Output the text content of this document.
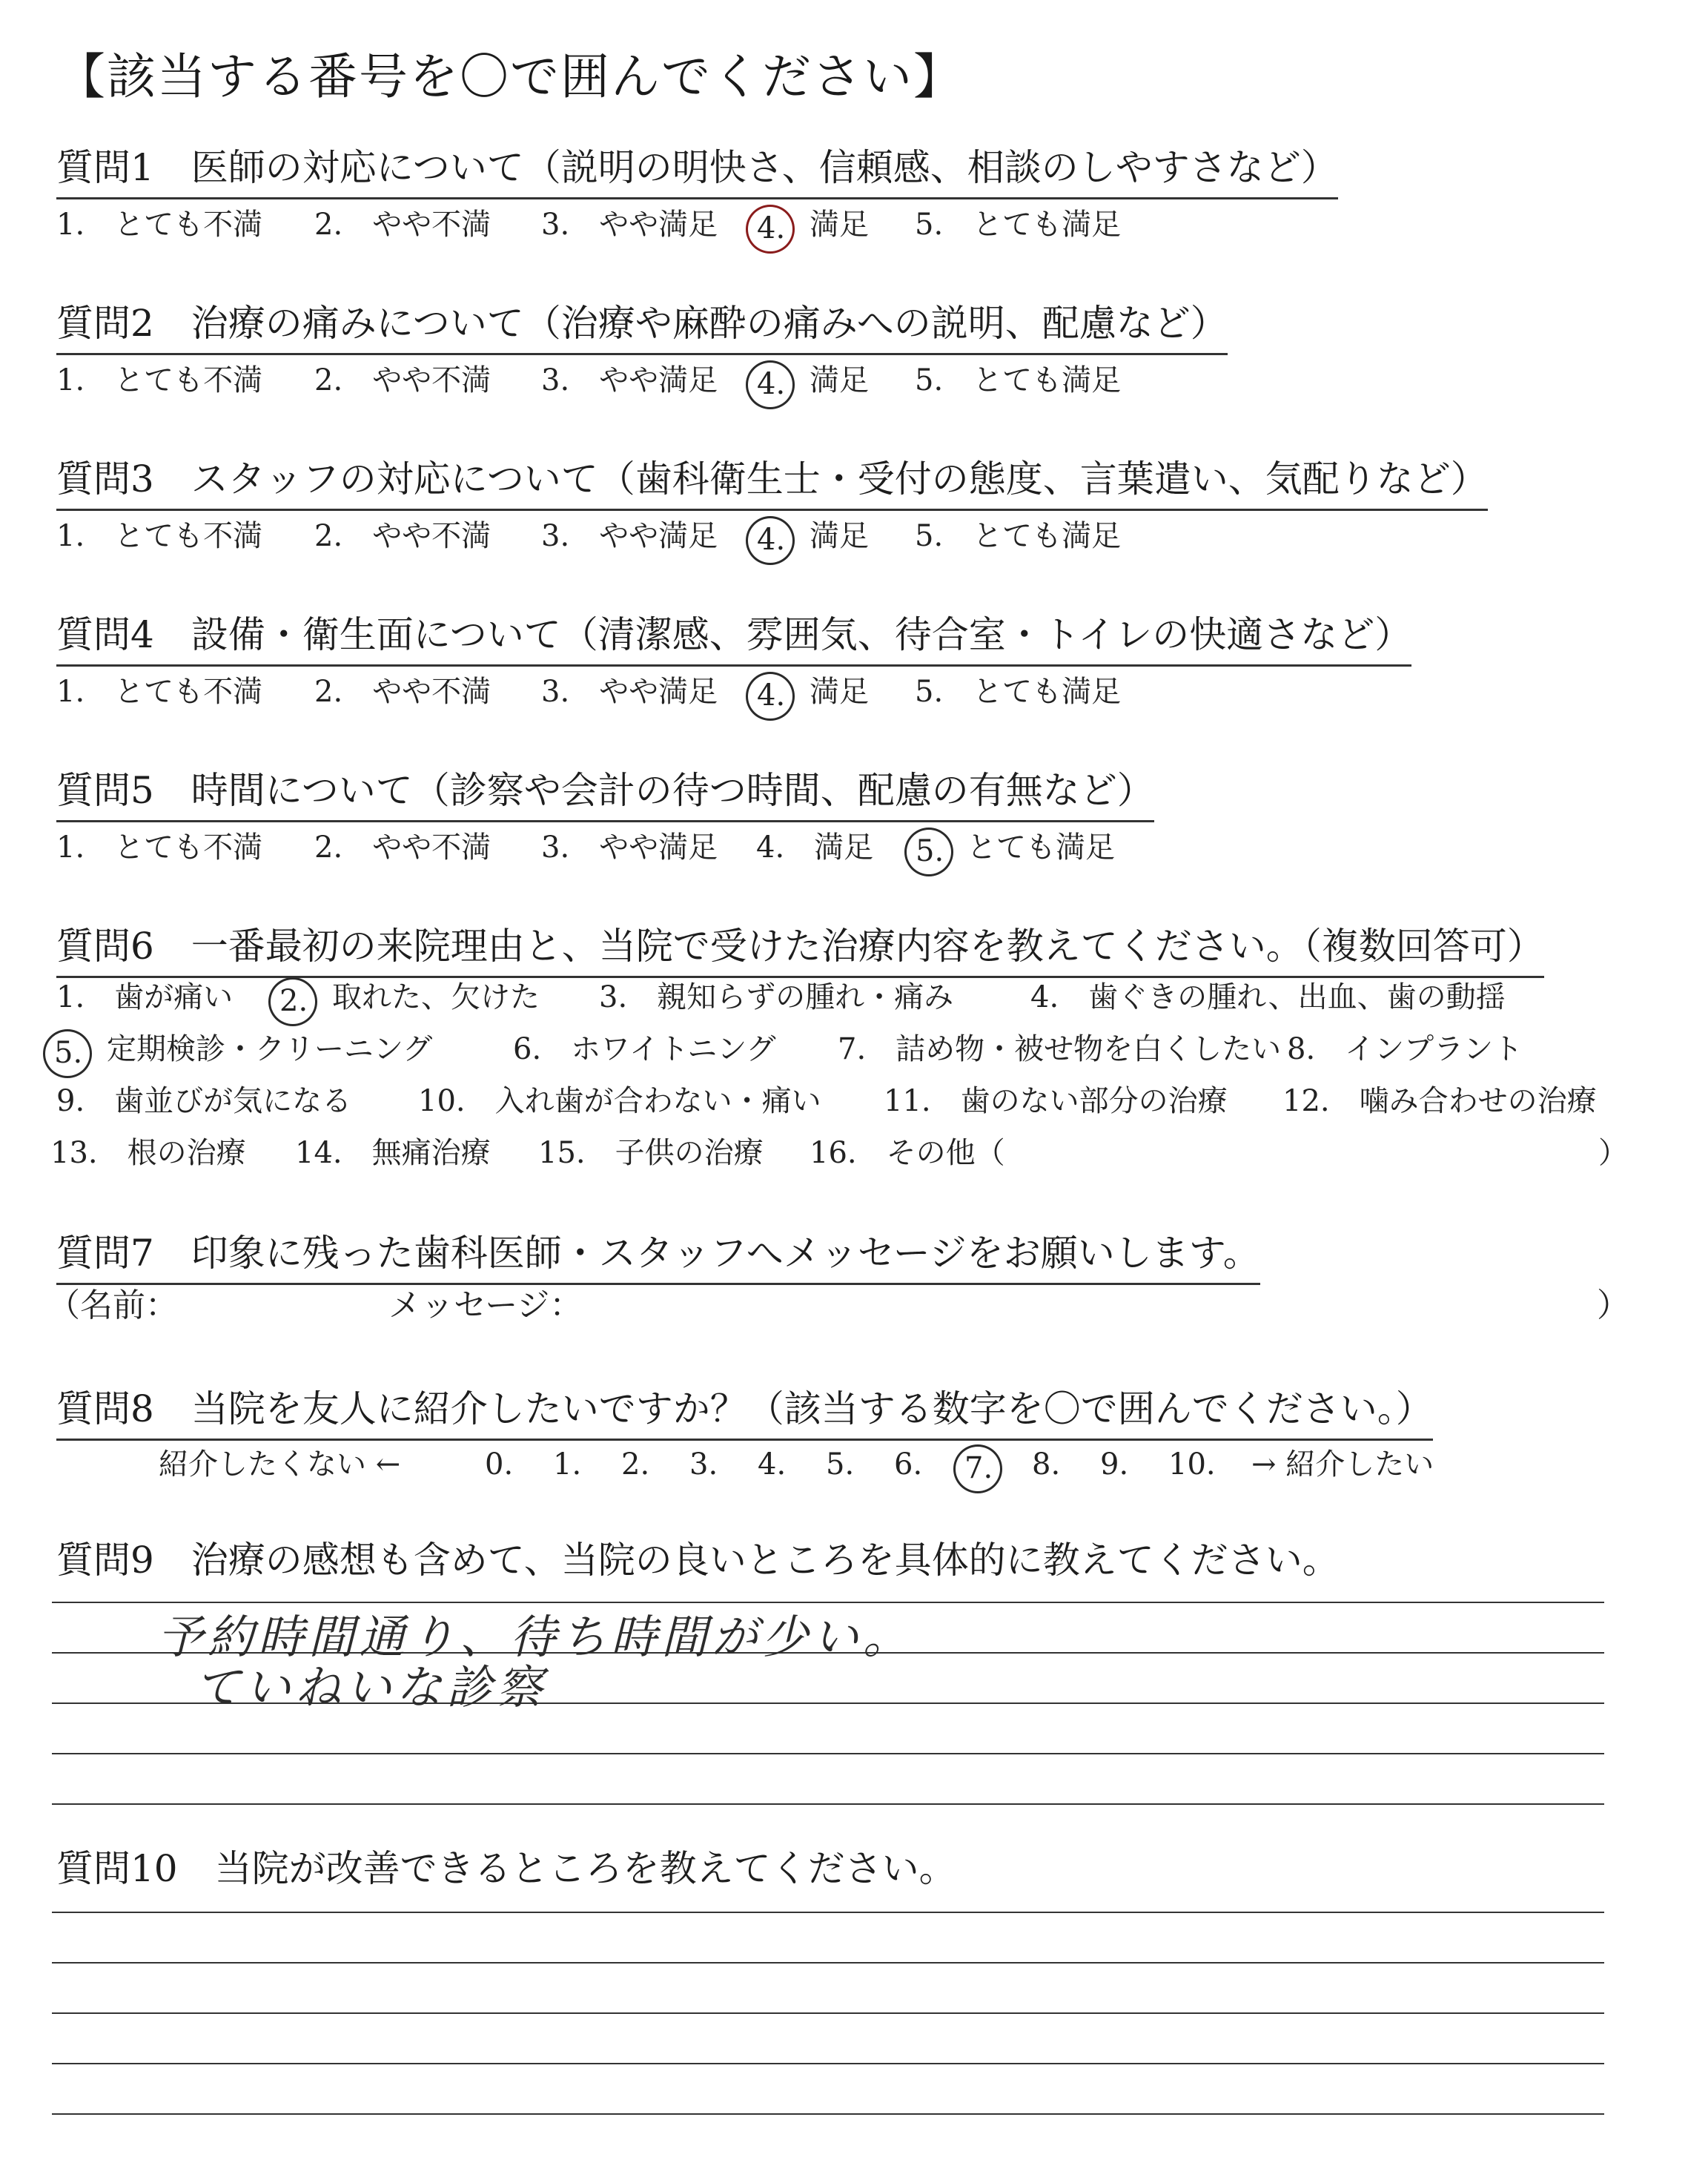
【該当する番号を〇で囲んでください】
質問1　医師の対応について（説明の明快さ、信頼感、相談のしやすさなど）
1.　とても不満 2.　やや不満 3.　やや満足	4. 満足 5.　とても満足
質問2　治療の痛みについて（治療や麻酔の痛みへの説明、配慮など）
1.　とても不満 2.　やや不満 3.　やや満足	4. 満足 5.　とても満足
質問3　スタッフの対応について（歯科衛生士・受付の態度、言葉遣い、気配りなど）
1.　とても不満 2.　やや不満 3.　やや満足	4. 満足 5.　とても満足
質問4　設備・衛生面について（清潔感、雰囲気、待合室・トイレの快適さなど）
1.　とても不満 2.　やや不満 3.　やや満足	4. 満足 5.　とても満足
質問5　時間について（診察や会計の待つ時間、配慮の有無など）
1.　とても不満 2.　やや不満 3.　やや満足 4.　満足	5. とても満足
質問6　一番最初の来院理由と、当院で受けた治療内容を教えてください。（複数回答可）
1.　歯が痛い	2. 取れた、欠けた 3.　親知らずの腫れ・痛み	4.　歯ぐきの腫れ、出血、歯の動揺
5. 定期検診・クリーニング	6.　ホワイトニング 7.　詰め物・被せ物を白くしたい 8.　インプラント
9.　歯並びが気になる 10.　入れ歯が合わない・痛い 11.　歯のない部分の治療 12.　噛み合わせの治療
13.　根の治療 14.　無痛治療 15.　子供の治療 16.　その他（	）
質問7　印象に残った歯科医師・スタッフへメッセージをお願いします。
（名前：	メッセージ：	）
質問8　当院を友人に紹介したいですか？（該当する数字を〇で囲んでください。）
紹介したくない ←	0. 1. 2. 3. 4. 5. 6.	7.	8. 9. 10. → 紹介したい
質問9　治療の感想も含めて、当院の良いところを具体的に教えてください。
予約時間通り、待ち時間が少い。
ていねいな診察
質問10　当院が改善できるところを教えてください。
